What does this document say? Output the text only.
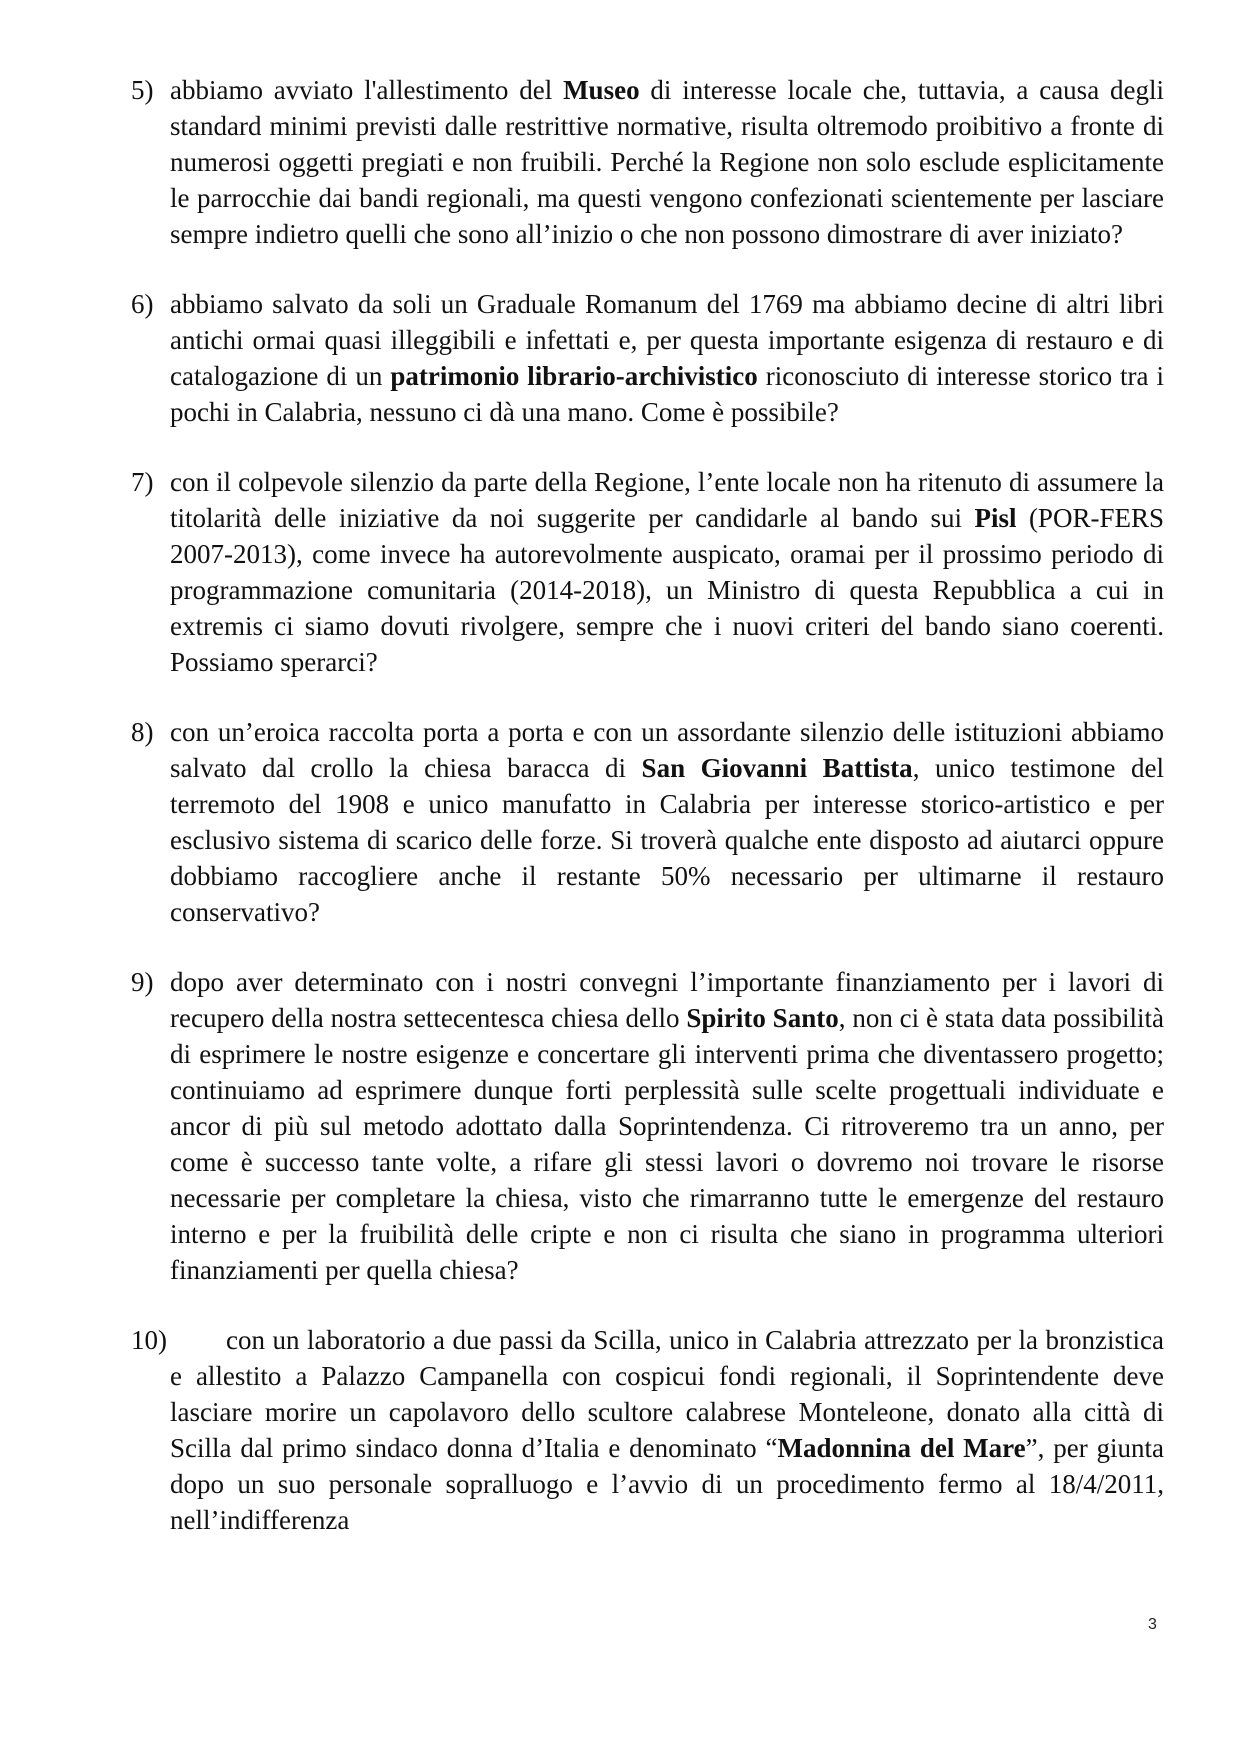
5) abbiamo avviato l'allestimento del Museo di interesse locale che, tuttavia, a causa degli standard minimi previsti dalle restrittive normative, risulta oltremodo proibitivo a fronte di numerosi oggetti pregiati e non fruibili. Perché la Regione non solo esclude esplicitamente le parrocchie dai bandi regionali, ma questi vengono confezionati scientemente per lasciare sempre indietro quelli che sono all’inizio o che non possono dimostrare di aver iniziato?
6) abbiamo salvato da soli un Graduale Romanum del 1769 ma abbiamo decine di altri libri antichi ormai quasi illeggibili e infettati e, per questa importante esigenza di restauro e di catalogazione di un patrimonio librario-archivistico riconosciuto di interesse storico tra i pochi in Calabria, nessuno ci dà una mano. Come è possibile?
7) con il colpevole silenzio da parte della Regione, l’ente locale non ha ritenuto di assumere la titolarità delle iniziative da noi suggerite per candidarle al bando sui Pisl (POR-FERS 2007-2013), come invece ha autorevolmente auspicato, oramai per il prossimo periodo di programmazione comunitaria (2014-2018), un Ministro di questa Repubblica a cui in extremis ci siamo dovuti rivolgere, sempre che i nuovi criteri del bando siano coerenti. Possiamo sperarci?
8) con un’eroica raccolta porta a porta e con un assordante silenzio delle istituzioni abbiamo salvato dal crollo la chiesa baracca di San Giovanni Battista, unico testimone del terremoto del 1908 e unico manufatto in Calabria per interesse storico-artistico e per esclusivo sistema di scarico delle forze. Si troverà qualche ente disposto ad aiutarci oppure dobbiamo raccogliere anche il restante 50% necessario per ultimarne il restauro conservativo?
9) dopo aver determinato con i nostri convegni l’importante finanziamento per i lavori di recupero della nostra settecentesca chiesa dello Spirito Santo, non ci è stata data possibilità di esprimere le nostre esigenze e concertare gli interventi prima che diventassero progetto; continuiamo ad esprimere dunque forti perplessità sulle scelte progettuali individuate e ancor di più sul metodo adottato dalla Soprintendenza. Ci ritroveremo tra un anno, per come è successo tante volte, a rifare gli stessi lavori o dovremo noi trovare le risorse necessarie per completare la chiesa, visto che rimarranno tutte le emergenze del restauro interno e per la fruibilità delle cripte e non ci risulta che siano in programma ulteriori finanziamenti per quella chiesa?
10)	con un laboratorio a due passi da Scilla, unico in Calabria attrezzato per la bronzistica e allestito a Palazzo Campanella con cospicui fondi regionali, il Soprintendente deve lasciare morire un capolavoro dello scultore calabrese Monteleone, donato alla città di Scilla dal primo sindaco donna d’Italia e denominato “Madonnina del Mare”, per giunta dopo un suo personale sopralluogo e l’avvio di un procedimento fermo al 18/4/2011, nell’indifferenza
3
